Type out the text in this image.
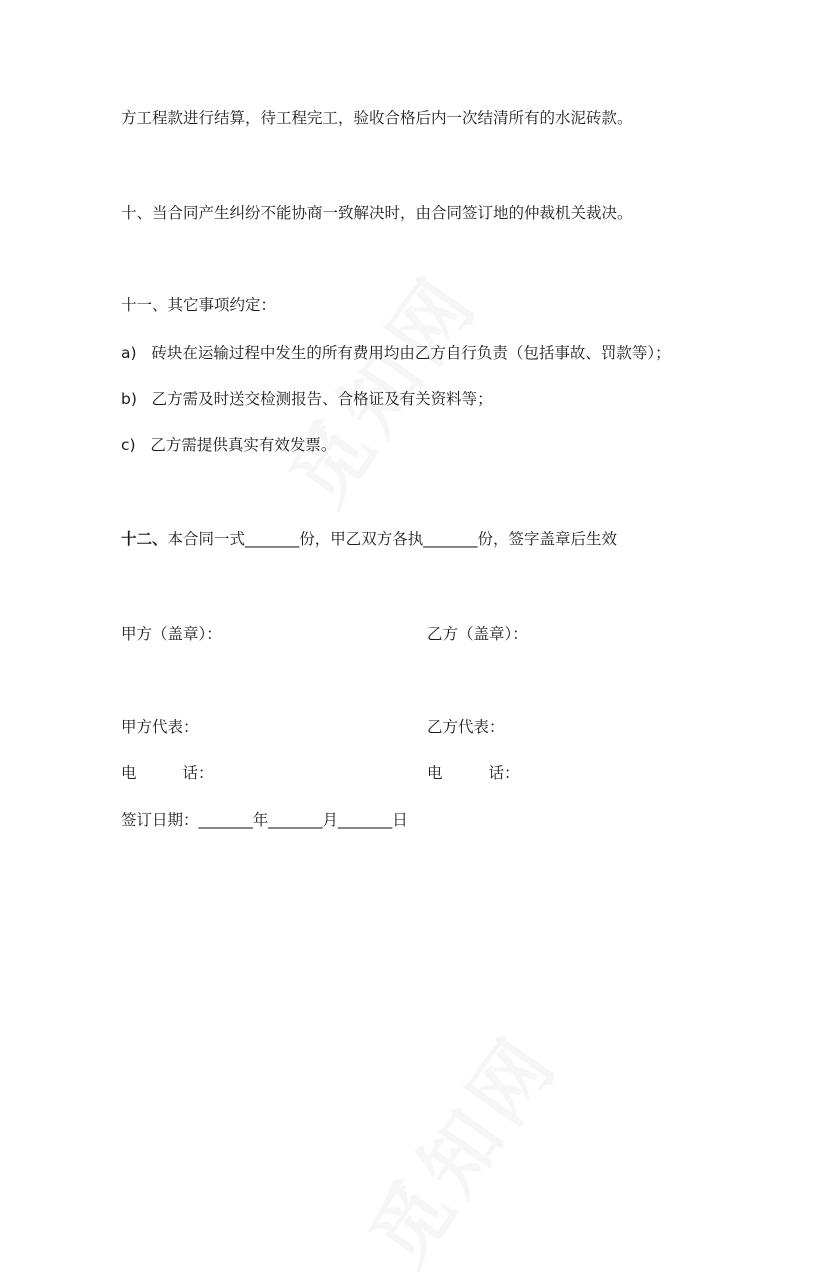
方工程款进行结算，待工程完工，验收合格后内一次结清所有的水泥砖款。
十、当合同产生纠纷不能协商一致解决时，由合同签订地的仲裁机关裁决。
十一、其它事项约定：
a)   砖块在运输过程中发生的所有费用均由乙方自行负责（包括事故、罚款等）；
b)   乙方需及时送交检测报告、合格证及有关资料等；
c)   乙方需提供真实有效发票。
十二、本合同一式_______份，甲乙双方各执_______份，签字盖章后生效
甲方（盖章）：	乙方（盖章）：
甲方代表：	乙方代表：
电	话：	电	话：
签订日期：_______年_______月_______日
